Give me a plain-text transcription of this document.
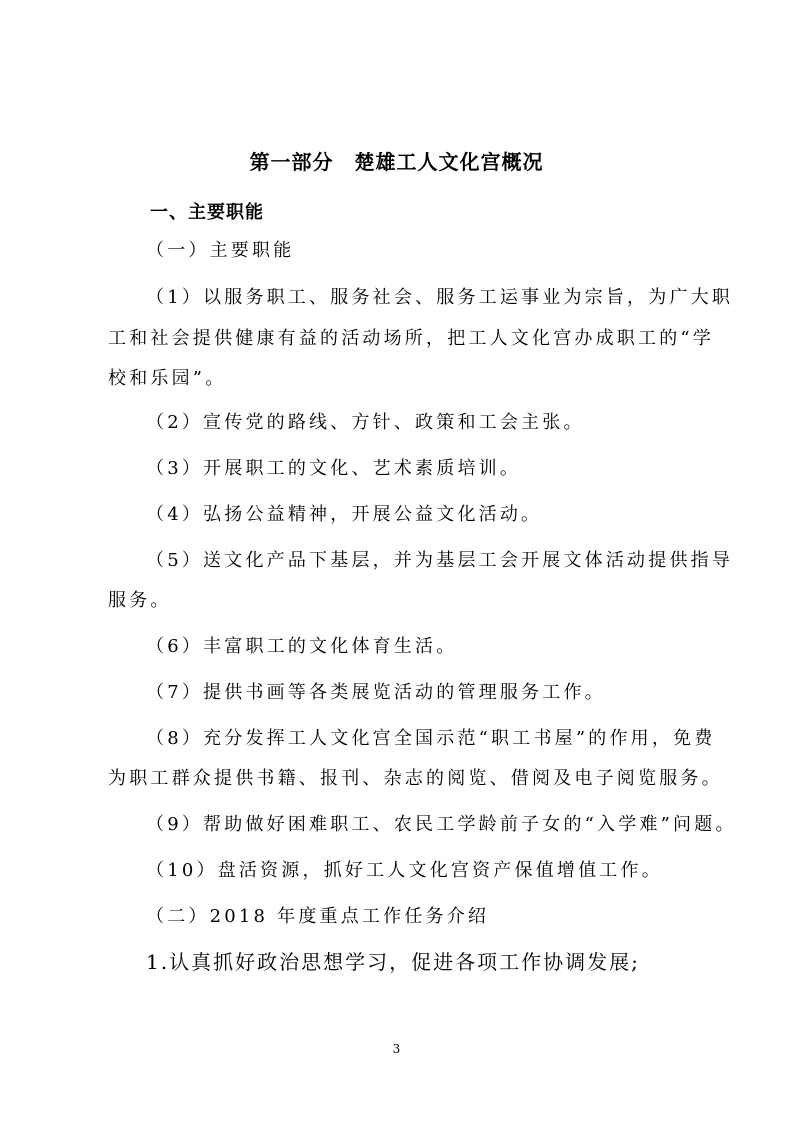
第一部分　楚雄工人文化宫概况
一、主要职能
（一）主要职能
（1）以服务职工、服务社会、服务工运事业为宗旨，为广大职
工和社会提供健康有益的活动场所，把工人文化宫办成职工的“学
校和乐园”。
（2）宣传党的路线、方针、政策和工会主张。
（3）开展职工的文化、艺术素质培训。
（4）弘扬公益精神，开展公益文化活动。
（5）送文化产品下基层，并为基层工会开展文体活动提供指导
服务。
（6）丰富职工的文化体育生活。
（7）提供书画等各类展览活动的管理服务工作。
（8）充分发挥工人文化宫全国示范“职工书屋”的作用，免费
为职工群众提供书籍、报刊、杂志的阅览、借阅及电子阅览服务。
（9）帮助做好困难职工、农民工学龄前子女的“入学难”问题。
（10）盘活资源，抓好工人文化宫资产保值增值工作。
（二）2018 年度重点工作任务介绍
1.认真抓好政治思想学习，促进各项工作协调发展;
3
